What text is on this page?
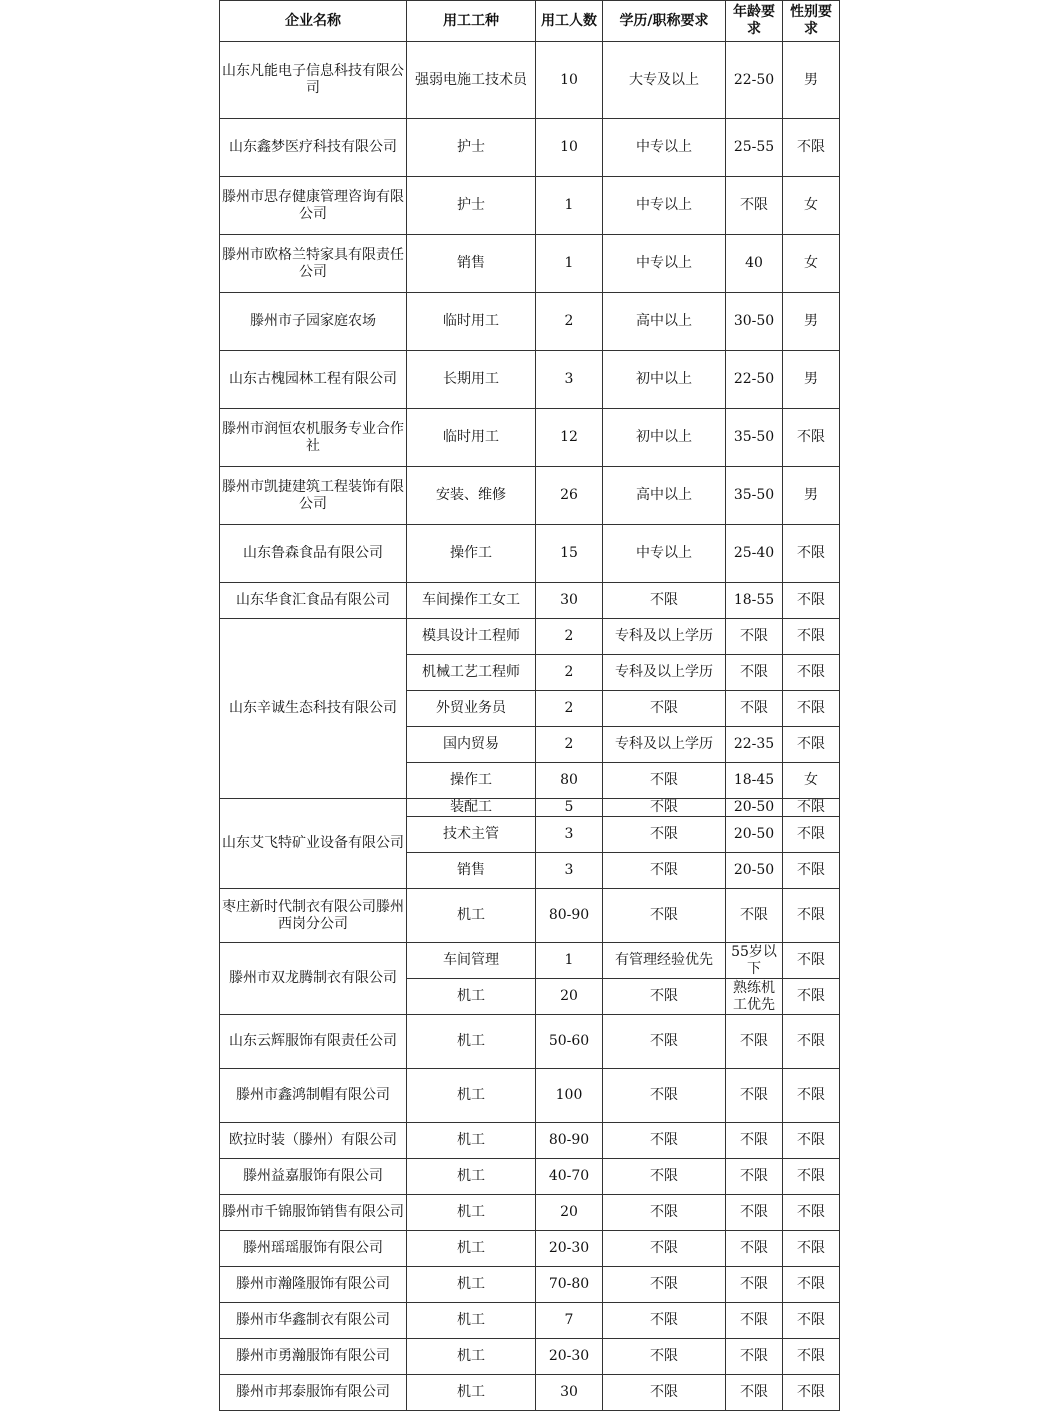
企业名称	用工工种	用工人数	学历/职称要求	年龄要求	性别要求
山东凡能电子信息科技有限公司	强弱电施工技术员	10	大专及以上	22-50	男
山东鑫梦医疗科技有限公司	护士	10	中专以上	25-55	不限
滕州市思存健康管理咨询有限公司	护士	1	中专以上	不限	女
滕州市欧格兰特家具有限责任公司	销售	1	中专以上	40	女
滕州市子园家庭农场	临时用工	2	高中以上	30-50	男
山东古槐园林工程有限公司	长期用工	3	初中以上	22-50	男
滕州市润恒农机服务专业合作社	临时用工	12	初中以上	35-50	不限
滕州市凯捷建筑工程装饰有限公司	安装、维修	26	高中以上	35-50	男
山东鲁森食品有限公司	操作工	15	中专以上	25-40	不限
山东华食汇食品有限公司	车间操作工女工	30	不限	18-55	不限
山东辛诚生态科技有限公司	模具设计工程师	2	专科及以上学历	不限	不限
	机械工艺工程师	2	专科及以上学历	不限	不限
	外贸业务员	2	不限	不限	不限
	国内贸易	2	专科及以上学历	22-35	不限
	操作工	80	不限	18-45	女
山东艾飞特矿业设备有限公司	装配工	5	不限	20-50	不限
	技术主管	3	不限	20-50	不限
	销售	3	不限	20-50	不限
枣庄新时代制衣有限公司滕州西岗分公司	机工	80-90	不限	不限	不限
滕州市双龙腾制衣有限公司	车间管理	1	有管理经验优先	55岁以下	不限
	机工	20	不限	熟练机工优先	不限
山东云辉服饰有限责任公司	机工	50-60	不限	不限	不限
滕州市鑫鸿制帽有限公司	机工	100	不限	不限	不限
欧拉时装（滕州）有限公司	机工	80-90	不限	不限	不限
滕州益嘉服饰有限公司	机工	40-70	不限	不限	不限
滕州市千锦服饰销售有限公司	机工	20	不限	不限	不限
滕州瑶瑶服饰有限公司	机工	20-30	不限	不限	不限
滕州市瀚隆服饰有限公司	机工	70-80	不限	不限	不限
滕州市华鑫制衣有限公司	机工	7	不限	不限	不限
滕州市勇瀚服饰有限公司	机工	20-30	不限	不限	不限
滕州市邦泰服饰有限公司	机工	30	不限	不限	不限
